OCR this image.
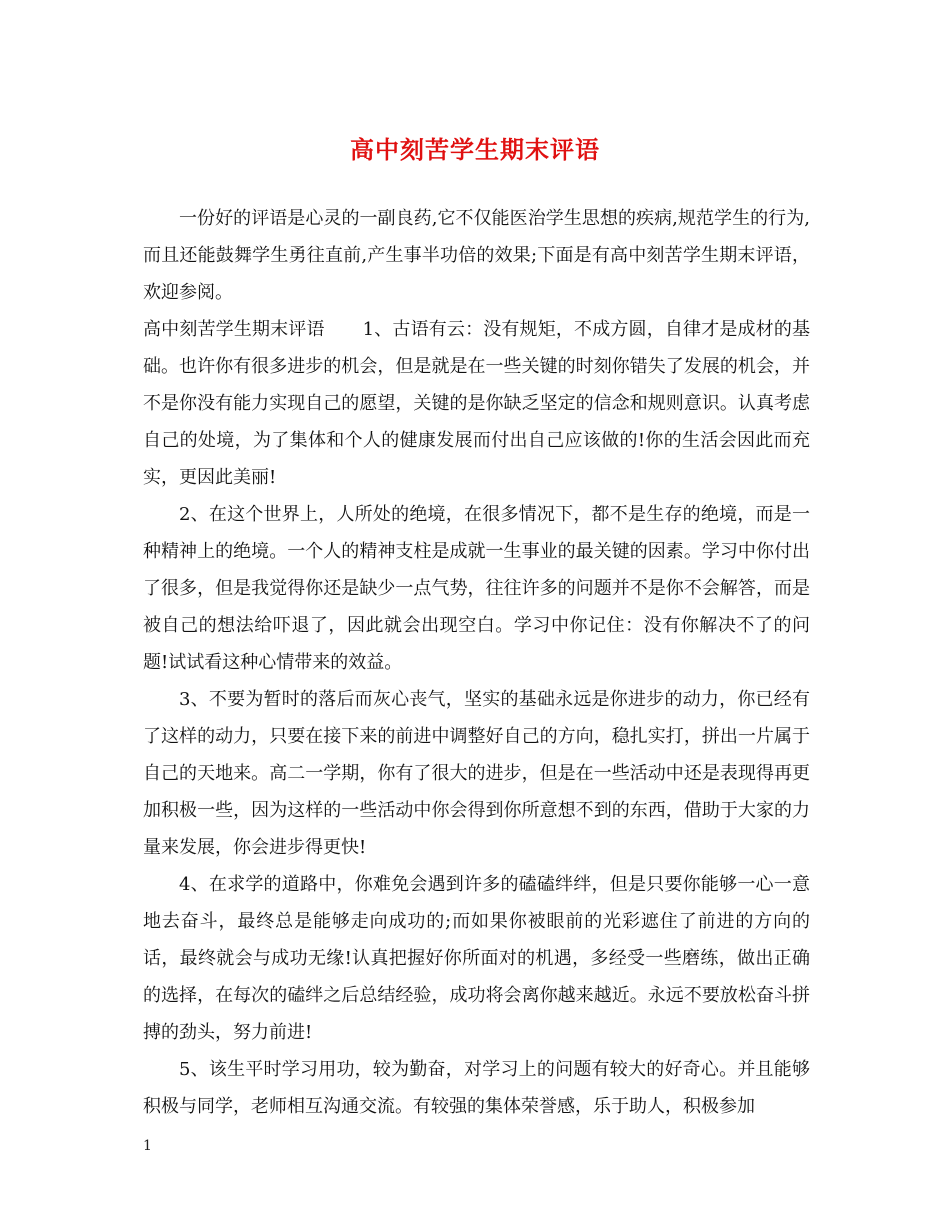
高中刻苦学生期末评语

一份好的评语是心灵的一副良药,它不仅能医治学生思想的疾病,规范学生的行为,而且还能鼓舞学生勇往直前,产生事半功倍的效果;下面是有高中刻苦学生期末评语，欢迎参阅。

高中刻苦学生期末评语 1、古语有云：没有规矩，不成方圆，自律才是成材的基础。也许你有很多进步的机会，但是就是在一些关键的时刻你错失了发展的机会，并不是你没有能力实现自己的愿望，关键的是你缺乏坚定的信念和规则意识。认真考虑自己的处境，为了集体和个人的健康发展而付出自己应该做的!你的生活会因此而充实，更因此美丽!

2、在这个世界上，人所处的绝境，在很多情况下，都不是生存的绝境，而是一种精神上的绝境。一个人的精神支柱是成就一生事业的最关键的因素。学习中你付出了很多，但是我觉得你还是缺少一点气势，往往许多的问题并不是你不会解答，而是被自己的想法给吓退了，因此就会出现空白。学习中你记住：没有你解决不了的问题!试试看这种心情带来的效益。

3、不要为暂时的落后而灰心丧气，坚实的基础永远是你进步的动力，你已经有了这样的动力，只要在接下来的前进中调整好自己的方向，稳扎实打，拼出一片属于自己的天地来。高二一学期，你有了很大的进步，但是在一些活动中还是表现得再更加积极一些，因为这样的一些活动中你会得到你所意想不到的东西，借助于大家的力量来发展，你会进步得更快!

4、在求学的道路中，你难免会遇到许多的磕磕绊绊，但是只要你能够一心一意地去奋斗，最终总是能够走向成功的;而如果你被眼前的光彩遮住了前进的方向的话，最终就会与成功无缘!认真把握好你所面对的机遇，多经受一些磨练，做出正确的选择，在每次的磕绊之后总结经验，成功将会离你越来越近。永远不要放松奋斗拼搏的劲头，努力前进!

5、该生平时学习用功，较为勤奋，对学习上的问题有较大的好奇心。并且能够积极与同学，老师相互沟通交流。有较强的集体荣誉感，乐于助人，积极参加

1
